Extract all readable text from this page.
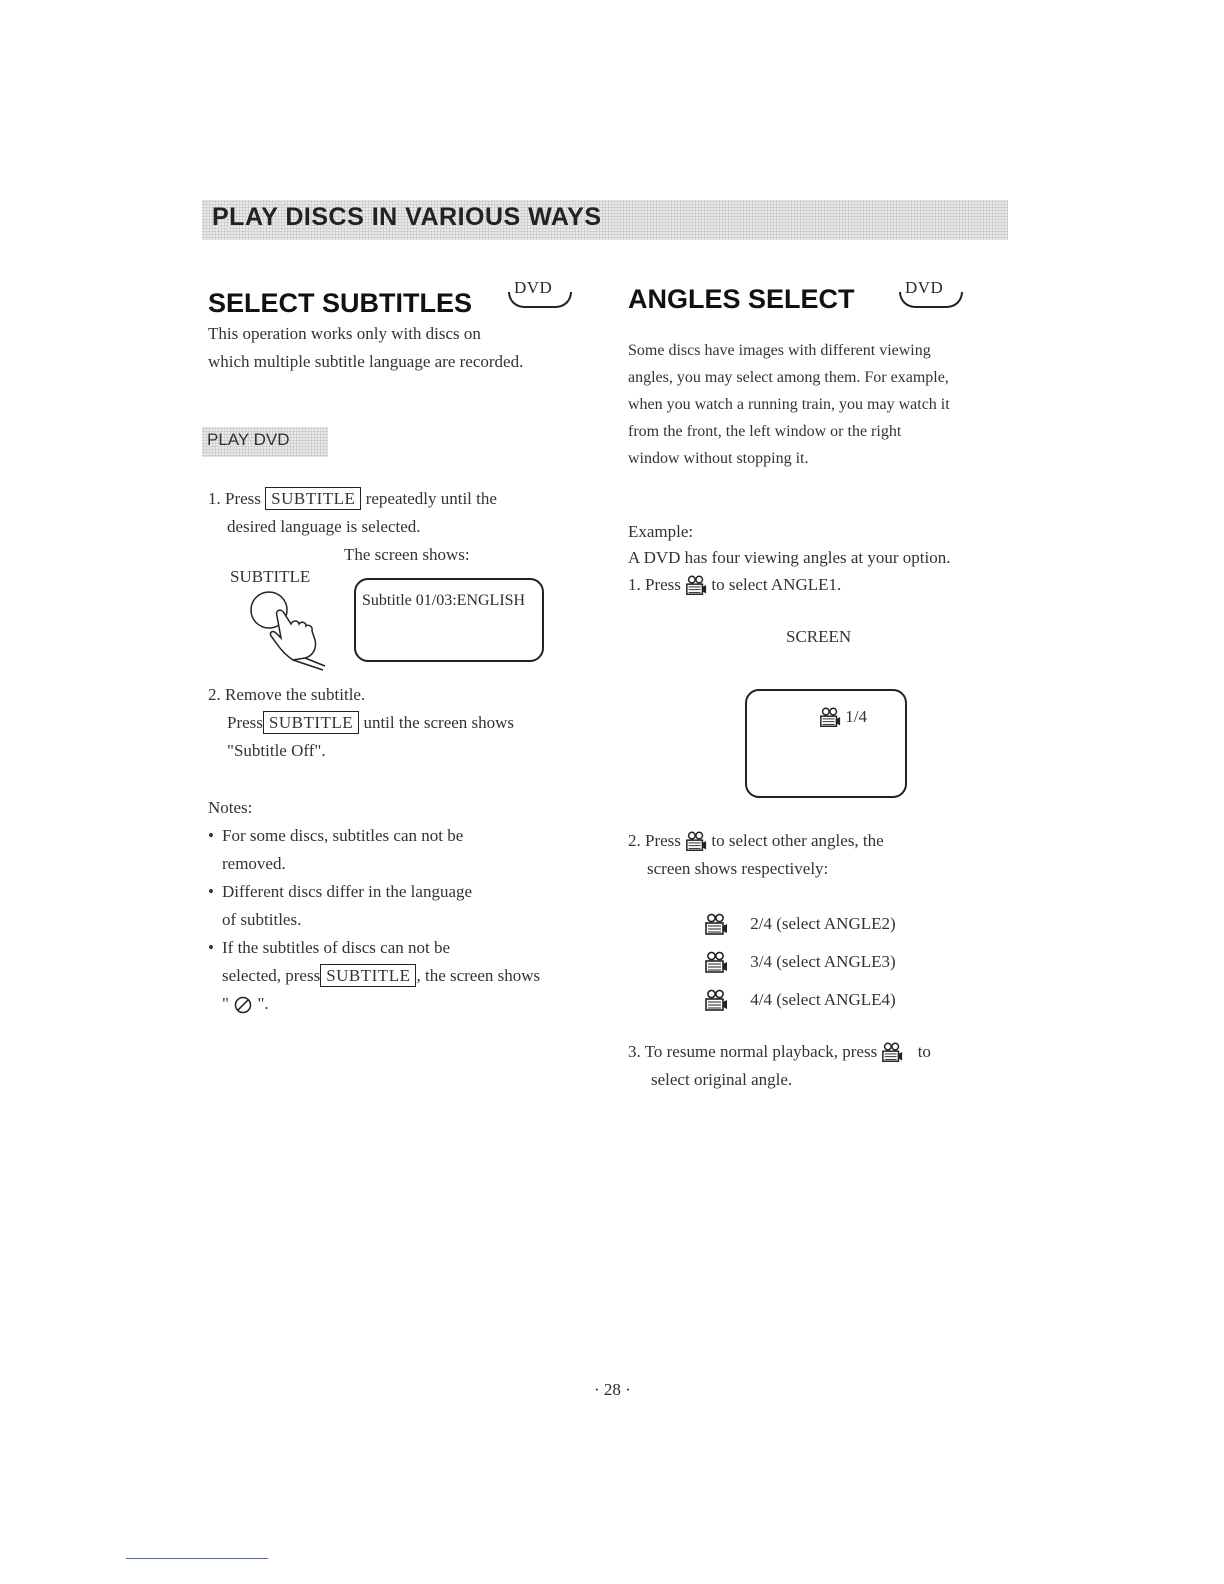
PLAY DISCS IN VARIOUS WAYS
SELECT SUBTITLES
DVD
This operation works only with discs on
which multiple subtitle language are recorded.
PLAY DVD
1. Press SUBTITLE repeatedly until the
desired language is selected.
The screen shows:
SUBTITLE
Subtitle 01/03:ENGLISH
2. Remove the subtitle.
Press SUBTITLE until the screen shows
"Subtitle Off".
Notes:
• For some discs, subtitles can not be
removed.
• Different discs differ in the language
of subtitles.
• If the subtitles of discs can not be
selected, press SUBTITLE , the screen shows
" ".
ANGLES SELECT	DVD
Some discs have images with different viewing
angles, you may select among them. For example,
when you watch a running train, you may watch it
from the front, the left window or the right
window without stopping it.
Example:
A DVD has four viewing angles at your option.
1. Press to select ANGLE1.
SCREEN
1/4
2. Press to select other angles, the
screen shows respectively:
2/4 (select ANGLE2)
3/4 (select ANGLE3)
4/4 (select ANGLE4)
3. To resume normal playback, press to
select original angle.
· 28 ·
